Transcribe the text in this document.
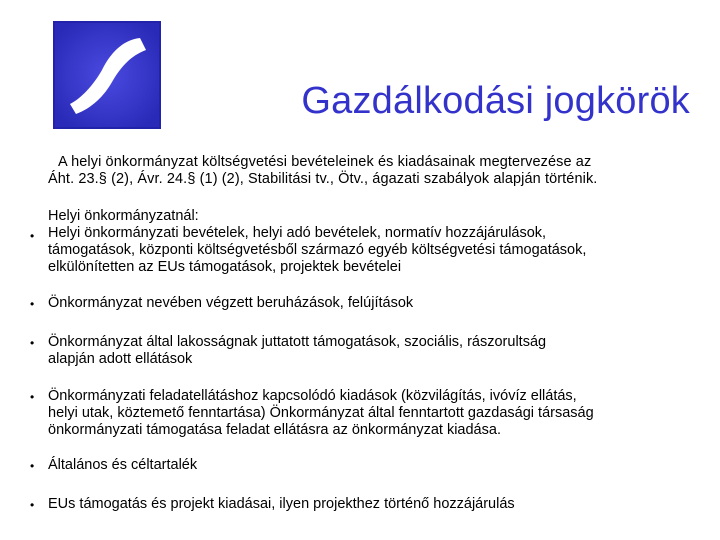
Gazdálkodási jogkörök
A helyi önkormányzat költségvetési bevételeinek és kiadásainak megtervezése az
Áht. 23.§ (2), Ávr. 24.§ (1) (2), Stabilitási tv., Ötv., ágazati szabályok alapján történik.
•
Helyi önkormányzatnál:
Helyi önkormányzati bevételek, helyi adó bevételek, normatív hozzájárulások,
támogatások, központi költségvetésből származó egyéb költségvetési támogatások,
elkülönítetten az EUs támogatások, projektek bevételei
• Önkormányzat nevében végzett beruházások, felújítások
• Önkormányzat által lakosságnak juttatott támogatások, szociális, rászorultság
alapján adott ellátások
• Önkormányzati feladatellátáshoz kapcsolódó kiadások (közvilágítás, ivóvíz ellátás,
helyi utak, köztemető fenntartása) Önkormányzat által fenntartott gazdasági társaság
önkormányzati támogatása feladat ellátásra az önkormányzat kiadása.
• Általános és céltartalék
• EUs támogatás és projekt kiadásai, ilyen projekthez történő hozzájárulás
